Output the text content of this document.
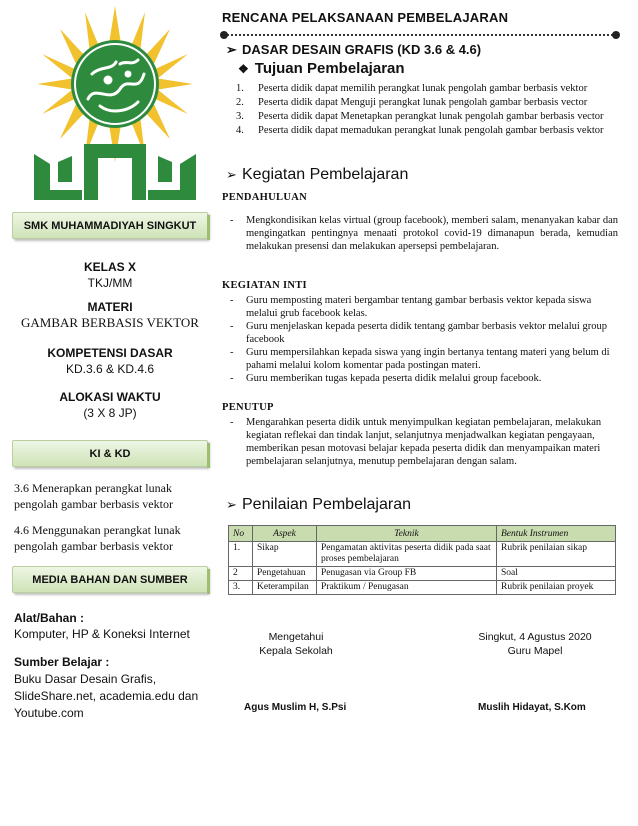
SMK MUHAMMADIYAH SINGKUT
KELAS X
TKJ/MM
MATERI
GAMBAR BERBASIS VEKTOR
KOMPETENSI DASAR
KD.3.6 & KD.4.6
ALOKASI WAKTU
(3 X 8 JP)
KI & KD
3.6 Menerapkan perangkat lunak pengolah gambar berbasis vektor
4.6 Menggunakan perangkat lunak pengolah gambar berbasis vektor
MEDIA BAHAN DAN SUMBER
Alat/Bahan :
Komputer, HP & Koneksi Internet
Sumber Belajar :
Buku Dasar Desain Grafis, SlideShare.net, academia.edu dan Youtube.com
RENCANA PELAKSANAAN PEMBELAJARAN
➢ DASAR DESAIN GRAFIS (KD 3.6 & 4.6)
❖ Tujuan Pembelajaran
1.	Peserta didik dapat memilih perangkat lunak pengolah gambar berbasis vektor
2.	Peserta didik dapat Menguji perangkat lunak pengolah gambar berbasis vector
3.	Peserta didik dapat Menetapkan perangkat lunak pengolah gambar berbasis vector
4.	Peserta didik dapat memadukan perangkat lunak pengolah gambar berbasis vektor
➢ Kegiatan Pembelajaran
PENDAHULUAN
-	Mengkondisikan kelas virtual (group facebook), memberi salam, menanyakan kabar dan mengingatkan pentingnya menaati protokol covid-19 dimanapun berada, kemudian melakukan presensi dan melakukan apersepsi pembelajaran.
KEGIATAN INTI
-	Guru memposting materi bergambar tentang gambar berbasis vektor kepada siswa melalui grub facebook kelas.
-	Guru menjelaskan kepada peserta didik tentang gambar berbasis vektor melalui group facebook
-	Guru mempersilahkan kepada siswa yang ingin bertanya tentang materi yang belum di pahami melalui kolom komentar pada postingan materi.
-	Guru memberikan tugas kepada peserta didik melalui group facebook.
PENUTUP
-	Mengarahkan peserta didik untuk menyimpulkan kegiatan pembelajaran, melakukan kegiatan reflekai dan tindak lanjut, selanjutnya menjadwalkan kegiatan pengayaan, memberikan pesan motovasi belajar kepada peserta didik dan menyampaikan materi pembelajaran selanjutnya, menutup pembelajaran dengan salam.
➢ Penilaian Pembelajaran
No	Aspek	Teknik	Bentuk Instrumen
1.	Sikap	Pengamatan aktivitas peserta didik pada saat proses pembelajaran	Rubrik penilaian sikap
2	Pengetahuan	Penugasan via Group FB	Soal
3.	Keterampilan	Praktikum / Penugasan	Rubrik penilaian proyek
Mengetahui
Kepala Sekolah
Singkut, 4 Agustus 2020
Guru Mapel
Agus Muslim H, S.Psi	Muslih Hidayat, S.Kom
